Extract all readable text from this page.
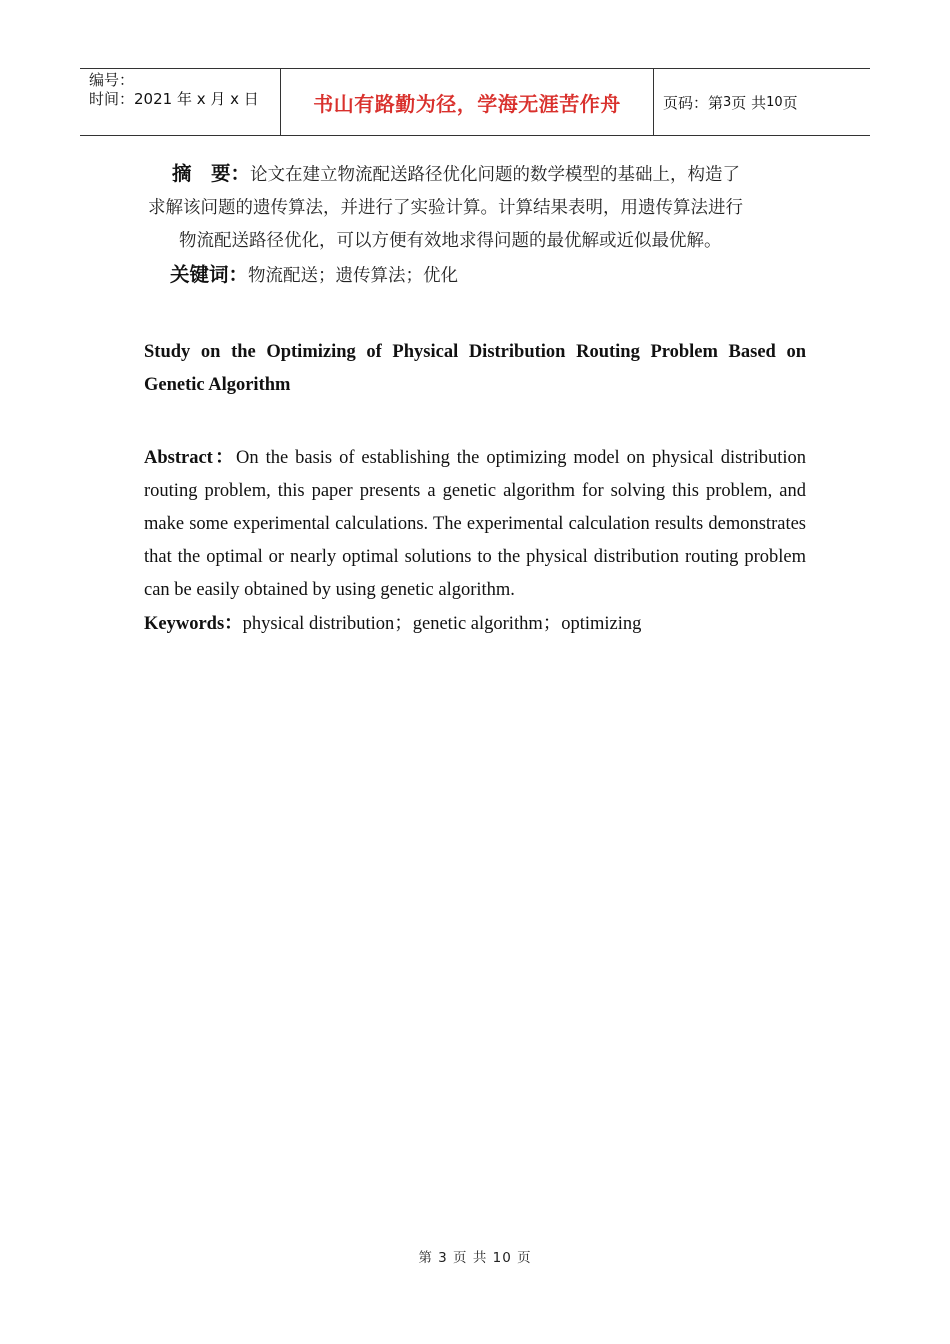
编号：
时间：2021 年 x 月 x 日	书山有路勤为径，学海无涯苦作舟	页码：第 3 页 共 10 页
摘　要：论文在建立物流配送路径优化问题的数学模型的基础上，构造了
求解该问题的遗传算法，并进行了实验计算。计算结果表明，用遗传算法进行
物流配送路径优化，可以方便有效地求得问题的最优解或近似最优解。
关键词：物流配送；遗传算法；优化
Study on the Optimizing of Physical Distribution Routing Problem Based on Genetic Algorithm
Abstract：On the basis of establishing the optimizing model on physical distribution routing problem, this paper presents a genetic algorithm for solving this problem, and make some experimental calculations. The experimental calculation results demonstrates that the optimal or nearly optimal solutions to the physical distribution routing problem can be easily obtained by using genetic algorithm.
Keywords：physical distribution；genetic algorithm；optimizing
第 3 页 共 10 页
